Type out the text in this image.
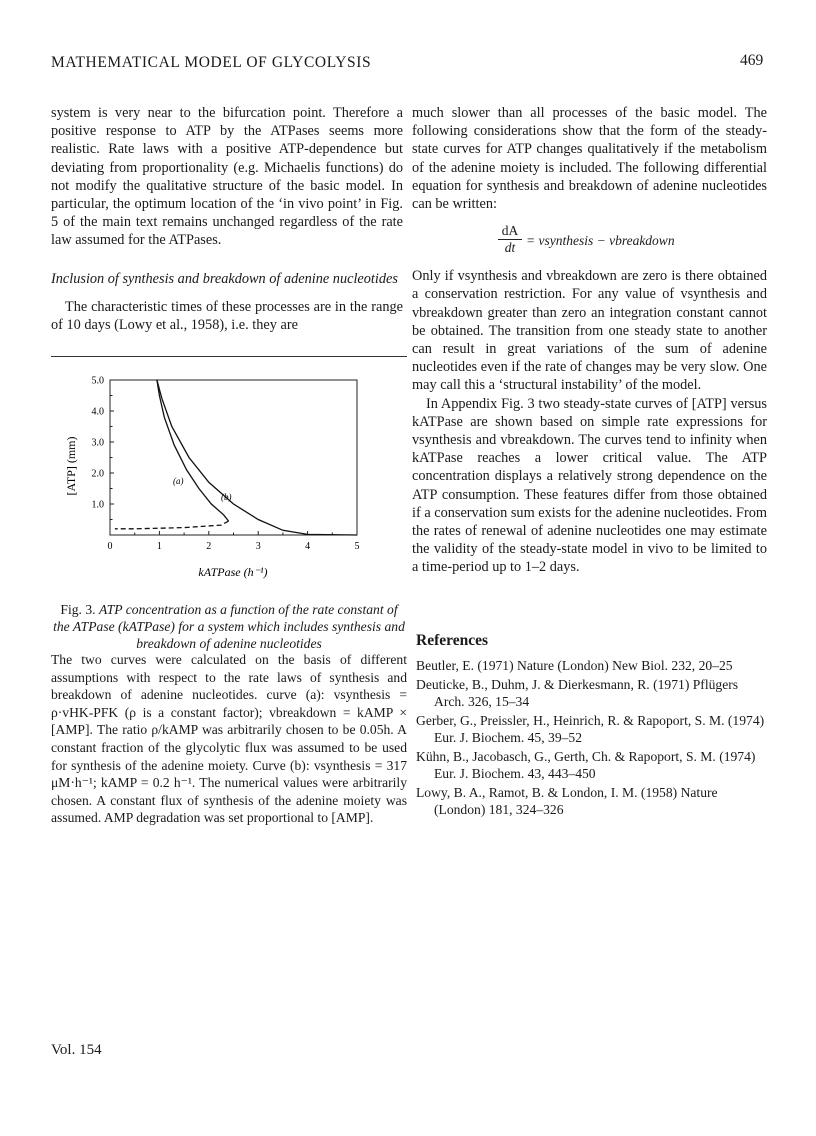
MATHEMATICAL MODEL OF GLYCOLYSIS	469

system is very near to the bifurcation point. Therefore a positive response to ATP by the ATPases seems more realistic. Rate laws with a positive ATP-dependence but deviating from proportionality (e.g. Michaelis functions) do not modify the qualitative structure of the basic model. In particular, the optimum location of the ‘in vivo point’ in Fig. 5 of the main text remains unchanged regardless of the rate law assumed for the ATPases.

Inclusion of synthesis and breakdown of adenine nucleotides

The characteristic times of these processes are in the range of 10 days (Lowy et al., 1958), i.e. they are

5.0
4.0
3.0
2.0
1.0
0	1	2	3	4	5
(a)
(b)
[ATP] (mm)
kATPase (h⁻¹)
Fig. 3. ATP concentration as a function of the rate constant of the ATPase (kATPase) for a system which includes synthesis and breakdown of adenine nucleotides

The two curves were calculated on the basis of different assumptions with respect to the rate laws of synthesis and breakdown of adenine nucleotides. curve (a): vsynthesis = ρ·vHK-PFK (ρ is a constant factor); vbreakdown = kAMP × [AMP]. The ratio ρ/kAMP was arbitrarily chosen to be 0.05h. A constant fraction of the glycolytic flux was assumed to be used for synthesis of the adenine moiety. Curve (b): vsynthesis = 317 μM·h⁻¹; kAMP = 0.2 h⁻¹. The numerical values were arbitrarily chosen. A constant flux of synthesis of the adenine moiety was assumed. AMP degradation was set proportional to [AMP].

much slower than all processes of the basic model. The following considerations show that the form of the steady-state curves for ATP changes qualitatively if the metabolism of the adenine moiety is included. The following differential equation for synthesis and breakdown of adenine nucleotides can be written:

$\frac{dA}{dt}$ = vsynthesis − vbreakdown

Only if vsynthesis and vbreakdown are zero is there obtained a conservation restriction. For any value of vsynthesis and vbreakdown greater than zero an integration constant cannot be obtained. The transition from one steady state to another can result in great variations of the sum of adenine nucleotides even if the rate of changes may be very slow. One may call this a ‘structural instability’ of the model.

In Appendix Fig. 3 two steady-state curves of [ATP] versus kATPase are shown based on simple rate expressions for vsynthesis and vbreakdown. The curves tend to infinity when kATPase reaches a lower critical value. The ATP concentration displays a relatively strong dependence on the ATP consumption. These features differ from those obtained if a conservation sum exists for the adenine nucleotides. From the rates of renewal of adenine nucleotides one may estimate the validity of the steady-state model in vivo to be limited to a time-period up to 1–2 days.

References

Beutler, E. (1971) Nature (London) New Biol. 232, 20–25

Deuticke, B., Duhm, J. & Dierkesmann, R. (1971) Pflügers Arch. 326, 15–34

Gerber, G., Preissler, H., Heinrich, R. & Rapoport, S. M. (1974) Eur. J. Biochem. 45, 39–52

Kühn, B., Jacobasch, G., Gerth, Ch. & Rapoport, S. M. (1974) Eur. J. Biochem. 43, 443–450

Lowy, B. A., Ramot, B. & London, I. M. (1958) Nature (London) 181, 324–326

Vol. 154
